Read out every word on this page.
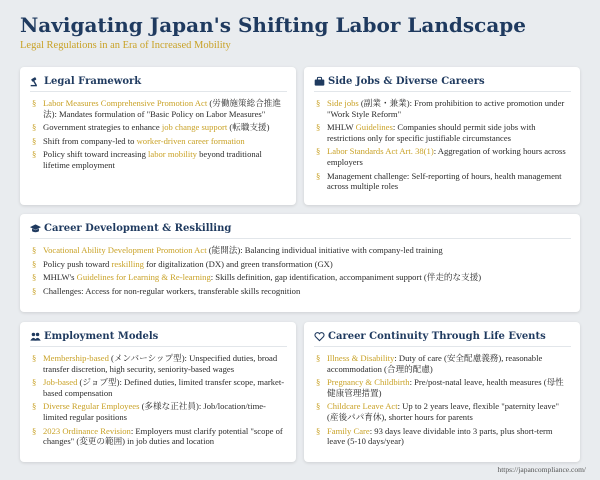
Navigating Japan's Shifting Labor Landscape
Legal Regulations in an Era of Increased Mobility
Legal Framework
§ Labor Measures Comprehensive Promotion Act (労働施策総合推進法): Mandates formulation of "Basic Policy on Labor Measures"
§ Government strategies to enhance job change support (転職支援)
§ Shift from company-led to worker-driven career formation
§ Policy shift toward increasing labor mobility beyond traditional lifetime employment
Side Jobs & Diverse Careers
§ Side jobs (副業・兼業): From prohibition to active promotion under "Work Style Reform"
§ MHLW Guidelines: Companies should permit side jobs with restrictions only for specific justifiable circumstances
§ Labor Standards Act Art. 38(1): Aggregation of working hours across employers
§ Management challenge: Self-reporting of hours, health management across multiple roles
Career Development & Reskilling
§ Vocational Ability Development Promotion Act (能開法): Balancing individual initiative with company-led training
§ Policy push toward reskilling for digitalization (DX) and green transformation (GX)
§ MHLW's Guidelines for Learning & Re-learning: Skills definition, gap identification, accompaniment support (伴走的な支援)
§ Challenges: Access for non-regular workers, transferable skills recognition
Employment Models
§ Membership-based (メンバーシップ型): Unspecified duties, broad transfer discretion, high security, seniority-based wages
§ Job-based (ジョブ型): Defined duties, limited transfer scope, market-based compensation
§ Diverse Regular Employees (多様な正社員): Job/location/time-limited regular positions
§ 2023 Ordinance Revision: Employers must clarify potential "scope of changes" (変更の範囲) in job duties and location
Career Continuity Through Life Events
§ Illness & Disability: Duty of care (安全配慮義務), reasonable accommodation (合理的配慮)
§ Pregnancy & Childbirth: Pre/post-natal leave, health measures (母性健康管理措置)
§ Childcare Leave Act: Up to 2 years leave, flexible "paternity leave" (産後パパ育休), shorter hours for parents
§ Family Care: 93 days leave dividable into 3 parts, plus short-term leave (5-10 days/year)
https://japancompliance.com/
